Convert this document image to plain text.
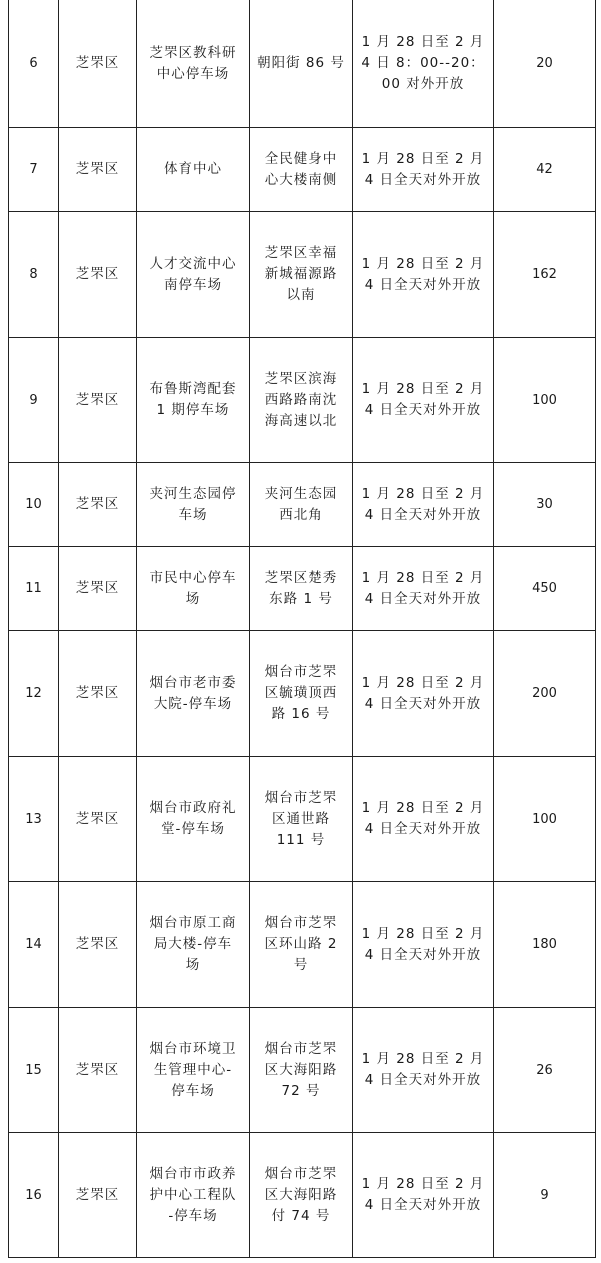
6	芝罘区	芝罘区教科研
中心停车场	朝阳街 86 号	1 月 28 日至 2 月
4 日 8：00--20：
00 对外开放	20
7	芝罘区	体育中心	全民健身中
心大楼南侧	1 月 28 日至 2 月
4 日全天对外开放	42
8	芝罘区	人才交流中心
南停车场	芝罘区幸福
新城福源路
以南	1 月 28 日至 2 月
4 日全天对外开放	162
9	芝罘区	布鲁斯湾配套
1 期停车场	芝罘区滨海
西路路南沈
海高速以北	1 月 28 日至 2 月
4 日全天对外开放	100
10	芝罘区	夹河生态园停
车场	夹河生态园
西北角	1 月 28 日至 2 月
4 日全天对外开放	30
11	芝罘区	市民中心停车
场	芝罘区楚秀
东路 1 号	1 月 28 日至 2 月
4 日全天对外开放	450
12	芝罘区	烟台市老市委
大院-停车场	烟台市芝罘
区毓璜顶西
路 16 号	1 月 28 日至 2 月
4 日全天对外开放	200
13	芝罘区	烟台市政府礼
堂-停车场	烟台市芝罘
区通世路
111 号	1 月 28 日至 2 月
4 日全天对外开放	100
14	芝罘区	烟台市原工商
局大楼-停车
场	烟台市芝罘
区环山路 2
号	1 月 28 日至 2 月
4 日全天对外开放	180
15	芝罘区	烟台市环境卫
生管理中心-
停车场	烟台市芝罘
区大海阳路
72 号	1 月 28 日至 2 月
4 日全天对外开放	26
16	芝罘区	烟台市市政养
护中心工程队
-停车场	烟台市芝罘
区大海阳路
付 74 号	1 月 28 日至 2 月
4 日全天对外开放	9
